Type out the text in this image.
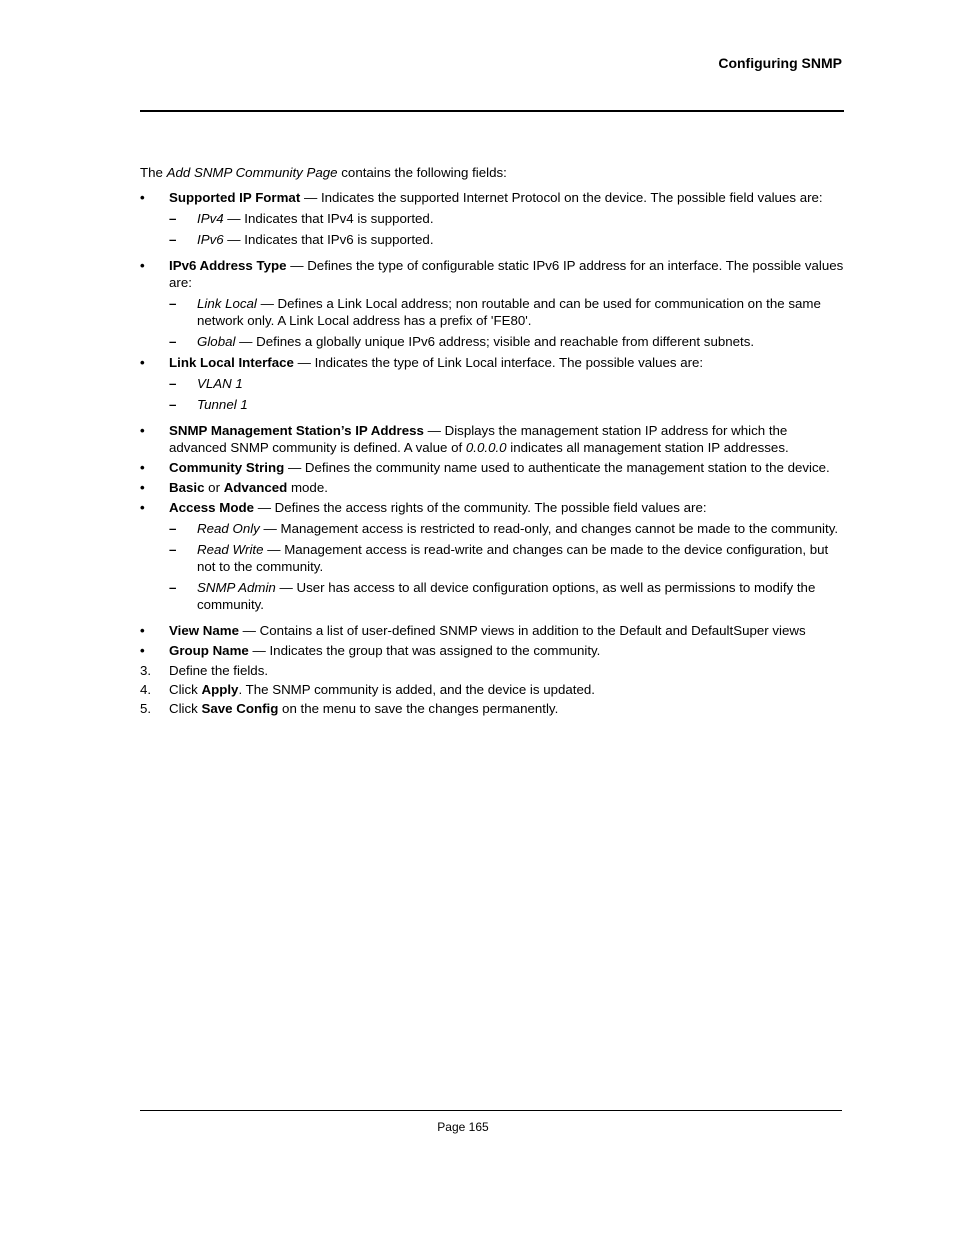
Configuring SNMP

The Add SNMP Community Page contains the following fields:

• Supported IP Format — Indicates the supported Internet Protocol on the device. The possible field values are:
– IPv4 — Indicates that IPv4 is supported.
– IPv6 — Indicates that IPv6 is supported.
• IPv6 Address Type — Defines the type of configurable static IPv6 IP address for an interface. The possible values are:
– Link Local — Defines a Link Local address; non routable and can be used for communication on the same network only. A Link Local address has a prefix of 'FE80'.
– Global — Defines a globally unique IPv6 address; visible and reachable from different subnets.
• Link Local Interface — Indicates the type of Link Local interface. The possible values are:
– VLAN 1
– Tunnel 1
• SNMP Management Station’s IP Address — Displays the management station IP address for which the advanced SNMP community is defined. A value of 0.0.0.0 indicates all management station IP addresses.
• Community String — Defines the community name used to authenticate the management station to the device.
• Basic or Advanced mode.
• Access Mode — Defines the access rights of the community. The possible field values are:
– Read Only — Management access is restricted to read-only, and changes cannot be made to the community.
– Read Write — Management access is read-write and changes can be made to the device configuration, but not to the community.
– SNMP Admin — User has access to all device configuration options, as well as permissions to modify the community.
• View Name — Contains a list of user-defined SNMP views in addition to the Default and DefaultSuper views
• Group Name — Indicates the group that was assigned to the community.
3. Define the fields.
4. Click Apply. The SNMP community is added, and the device is updated.
5. Click Save Config on the menu to save the changes permanently.
Page 165
